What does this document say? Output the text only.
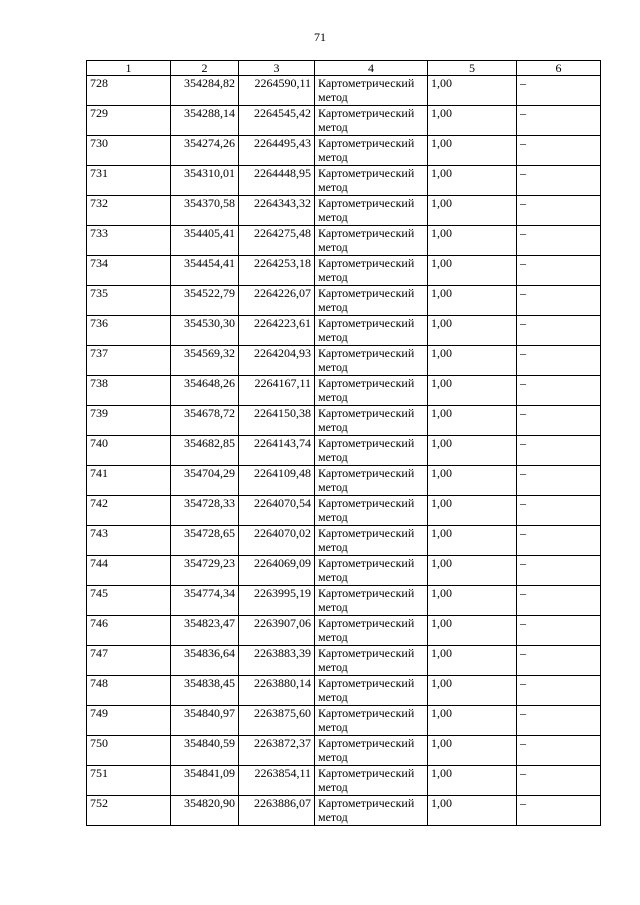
71
1	2	3	4	5	6
728	354284,82	2264590,11	Картометрический метод	1,00	–
729	354288,14	2264545,42	Картометрический метод	1,00	–
730	354274,26	2264495,43	Картометрический метод	1,00	–
731	354310,01	2264448,95	Картометрический метод	1,00	–
732	354370,58	2264343,32	Картометрический метод	1,00	–
733	354405,41	2264275,48	Картометрический метод	1,00	–
734	354454,41	2264253,18	Картометрический метод	1,00	–
735	354522,79	2264226,07	Картометрический метод	1,00	–
736	354530,30	2264223,61	Картометрический метод	1,00	–
737	354569,32	2264204,93	Картометрический метод	1,00	–
738	354648,26	2264167,11	Картометрический метод	1,00	–
739	354678,72	2264150,38	Картометрический метод	1,00	–
740	354682,85	2264143,74	Картометрический метод	1,00	–
741	354704,29	2264109,48	Картометрический метод	1,00	–
742	354728,33	2264070,54	Картометрический метод	1,00	–
743	354728,65	2264070,02	Картометрический метод	1,00	–
744	354729,23	2264069,09	Картометрический метод	1,00	–
745	354774,34	2263995,19	Картометрический метод	1,00	–
746	354823,47	2263907,06	Картометрический метод	1,00	–
747	354836,64	2263883,39	Картометрический метод	1,00	–
748	354838,45	2263880,14	Картометрический метод	1,00	–
749	354840,97	2263875,60	Картометрический метод	1,00	–
750	354840,59	2263872,37	Картометрический метод	1,00	–
751	354841,09	2263854,11	Картометрический метод	1,00	–
752	354820,90	2263886,07	Картометрический метод	1,00	–
